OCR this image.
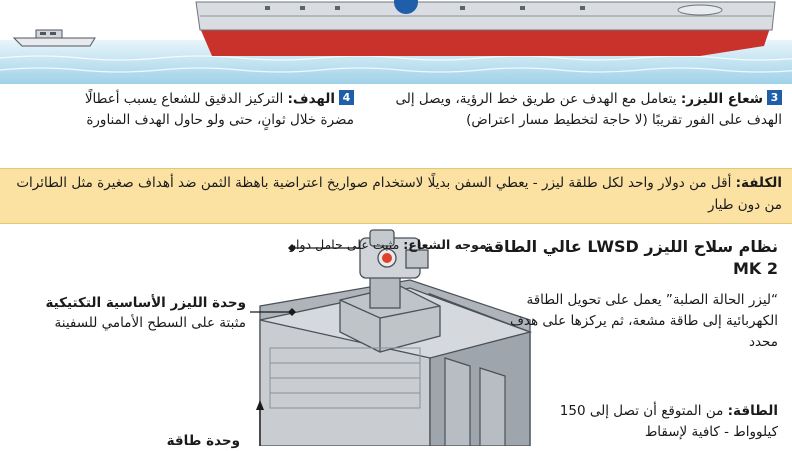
3شعاع الليزر: يتعامل مع الهدف عن طريق خط الرؤية، ويصل إلى الهدف على الفور تقريبًا (لا حاجة لتخطيط مسار اعتراض)
4الهدف: التركيز الدقيق للشعاع يسبب أعطالًا مضرة خلال ثوانٍ، حتى ولو حاول الهدف المناورة
الكلفة: أقل من دولار واحد لكل طلقة ليزر - يعطي السفن بديلًا لاستخدام صواريخ اعتراضية باهظة الثمن ضد أهداف صغيرة مثل الطائرات من دون طيار
موجه الشعاع: مثبت على حامل دوار
وحدة الليزر الأساسية التكتيكية
مثبتة على السطح الأمامي للسفينة
وحدة طاقة
نظام سلاح الليزر LWSD عالي الطاقة MK 2
“ليزر الحالة الصلبة” يعمل على تحويل الطاقة الكهربائية إلى طاقة مشعة، ثم يركزها على هدف محدد
الطاقة: من المتوقع أن تصل إلى 150 كيلوواط - كافية لإسقاط
